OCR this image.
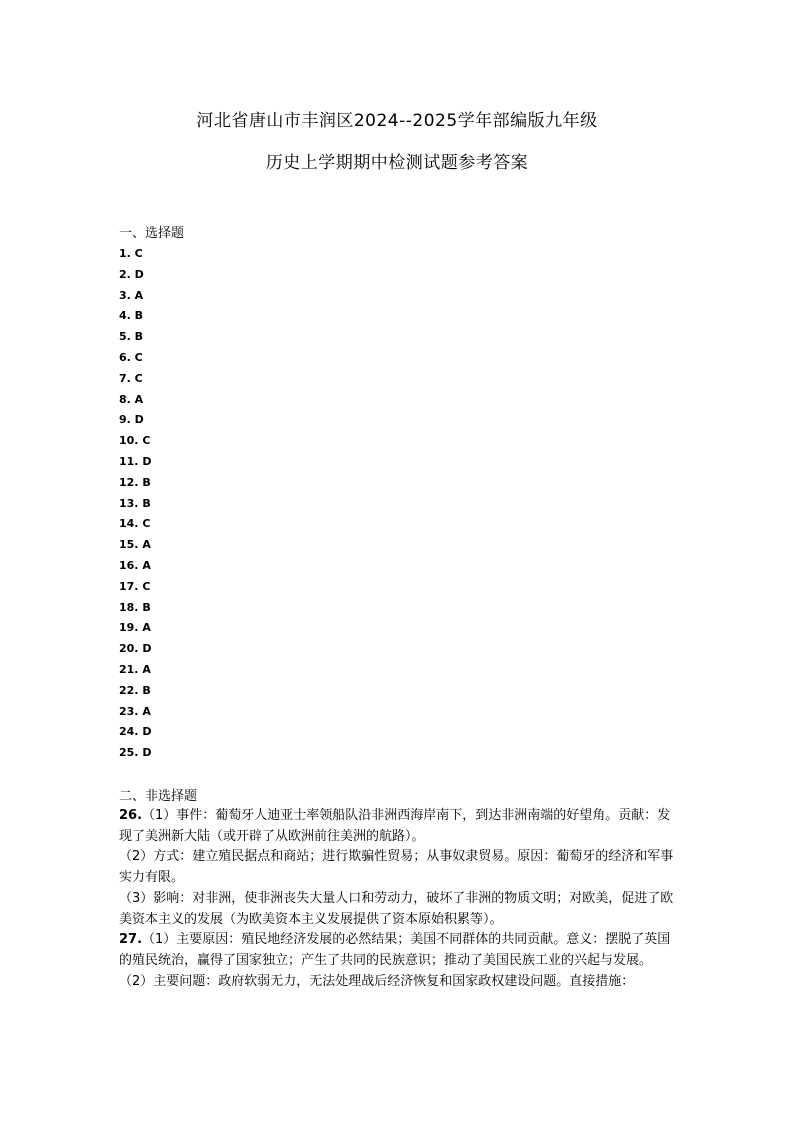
河北省唐山市丰润区2024--2025学年部编版九年级
历史上学期期中检测试题参考答案
一、选择题
1. C
2. D
3. A
4. B
5. B
6. C
7. C
8. A
9. D
10. C
11. D
12. B
13. B
14. C
15. A
16. A
17. C
18. B
19. A
20. D
21. A
22. B
23. A
24. D
25. D
二、非选择题

26.（1）事件：葡萄牙人迪亚士率领船队沿非洲西海岸南下，到达非洲南端的好望角。贡献：发现了美洲新大陆（或开辟了从欧洲前往美洲的航路）。

（2）方式：建立殖民据点和商站；进行欺骗性贸易；从事奴隶贸易。原因：葡萄牙的经济和军事实力有限。

（3）影响：对非洲，使非洲丧失大量人口和劳动力，破坏了非洲的物质文明；对欧美，促进了欧美资本主义的发展（为欧美资本主义发展提供了资本原始积累等）。

27.（1）主要原因：殖民地经济发展的必然结果；美国不同群体的共同贡献。意义：摆脱了英国的殖民统治，赢得了国家独立；产生了共同的民族意识；推动了美国民族工业的兴起与发展。

（2）主要问题：政府软弱无力，无法处理战后经济恢复和国家政权建设问题。直接措施：
